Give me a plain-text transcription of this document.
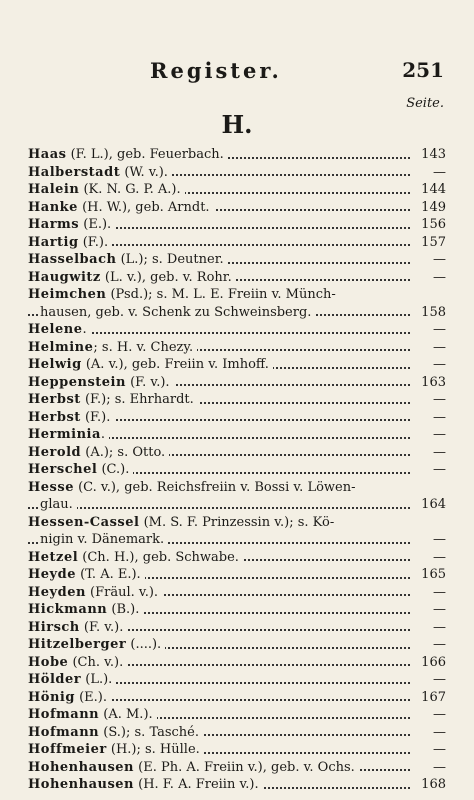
Register.	251
Seite.
H.
Haas (F. L.), geb. Feuerbach.	143
Halberstadt (W. v.).	—
Halein (K. N. G. P. A.).	144
Hanke (H. W.), geb. Arndt.	149
Harms (E.).	156
Hartig (F.).	157
Hasselbach (L.); s. Deutner.	—
Haugwitz (L. v.), geb. v. Rohr.	—
Heimchen (Psd.); s. M. L. E. Freiin v. Münch-
hausen, geb. v. Schenk zu Schweinsberg.	158
Helene.	—
Helmine; s. H. v. Chezy.	—
Helwig (A. v.), geb. Freiin v. Imhoff.	—
Heppenstein (F. v.).	163
Herbst (F.); s. Ehrhardt.	—
Herbst (F.).	—
Herminia.	—
Herold (A.); s. Otto.	—
Herschel (C.).	—
Hesse (C. v.), geb. Reichsfreiin v. Bossi v. Löwen-
glau.	164
Hessen-Cassel (M. S. F. Prinzessin v.); s. Kö-
nigin v. Dänemark.	—
Hetzel (Ch. H.), geb. Schwabe.	—
Heyde (T. A. E.).	165
Heyden (Fräul. v.).	—
Hickmann (B.).	—
Hirsch (F. v.).	—
Hitzelberger (....).	—
Hobe (Ch. v.).	166
Hölder (L.).	—
Hönig (E.).	167
Hofmann (A. M.).	—
Hofmann (S.); s. Tasché.	—
Hoffmeier (H.); s. Hülle.	—
Hohenhausen (E. Ph. A. Freiin v.), geb. v. Ochs.	—
Hohenhausen (H. F. A. Freiin v.).	168
